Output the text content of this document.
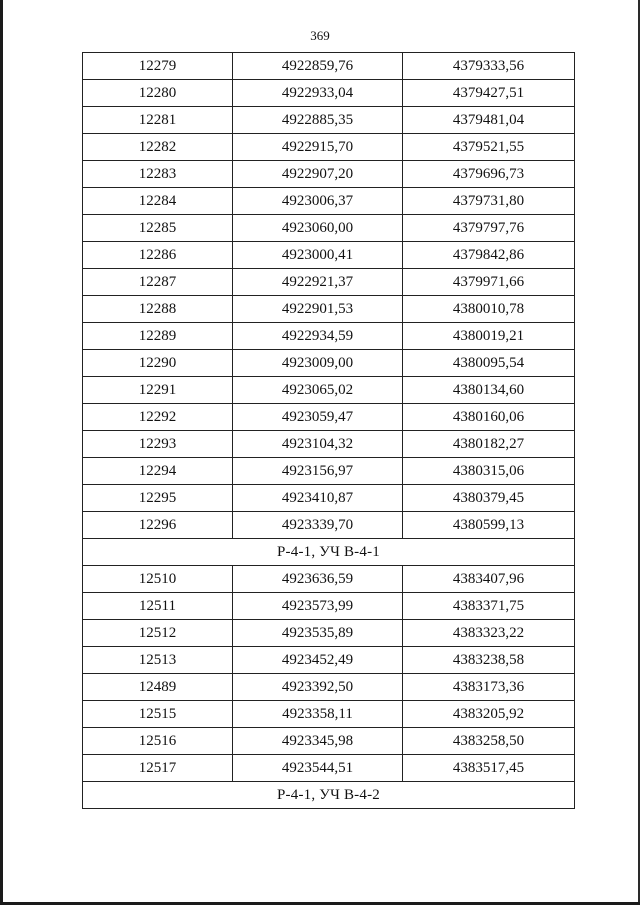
369
12279	4922859,76	4379333,56
12280	4922933,04	4379427,51
12281	4922885,35	4379481,04
12282	4922915,70	4379521,55
12283	4922907,20	4379696,73
12284	4923006,37	4379731,80
12285	4923060,00	4379797,76
12286	4923000,41	4379842,86
12287	4922921,37	4379971,66
12288	4922901,53	4380010,78
12289	4922934,59	4380019,21
12290	4923009,00	4380095,54
12291	4923065,02	4380134,60
12292	4923059,47	4380160,06
12293	4923104,32	4380182,27
12294	4923156,97	4380315,06
12295	4923410,87	4380379,45
12296	4923339,70	4380599,13
Р-4-1, УЧ В-4-1		
12510	4923636,59	4383407,96
12511	4923573,99	4383371,75
12512	4923535,89	4383323,22
12513	4923452,49	4383238,58
12489	4923392,50	4383173,36
12515	4923358,11	4383205,92
12516	4923345,98	4383258,50
12517	4923544,51	4383517,45
Р-4-1, УЧ В-4-2		
